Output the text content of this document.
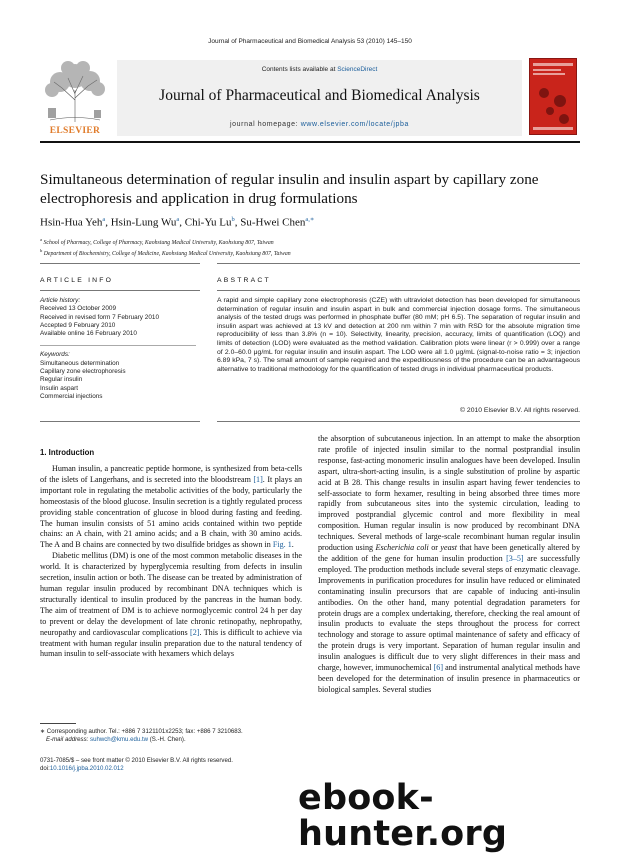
Journal of Pharmaceutical and Biomedical Analysis 53 (2010) 145–150
ELSEVIER
Contents lists available at ScienceDirect
Journal of Pharmaceutical and Biomedical Analysis
journal homepage: www.elsevier.com/locate/jpba
Simultaneous determination of regular insulin and insulin aspart by capillary zone electrophoresis and application in drug formulations
Hsin-Hua Yeh$^a$, Hsin-Lung Wu$^a$, Chi-Yu Lu$^b$, Su-Hwei Chen$^{a,∗}$
$^a$ School of Pharmacy, College of Pharmacy, Kaohsiung Medical University, Kaohsiung 807, Taiwan
$^b$ Department of Biochemistry, College of Medicine, Kaohsiung Medical University, Kaohsiung 807, Taiwan
ARTICLE INFO	ABSTRACT
Article history:
Received 13 October 2009
Received in revised form 7 February 2010
Accepted 9 February 2010
Available online 16 February 2010
Keywords:
Simultaneous determination
Capillary zone electrophoresis
Regular insulin
Insulin aspart
Commercial injections
A rapid and simple capillary zone electrophoresis (CZE) with ultraviolet detection has been developed for simultaneous determination of regular insulin and insulin aspart in bulk and commercial injection dosage forms. The simultaneous analysis of the tested drugs was performed in phosphate buffer (80 mM; pH 6.5). The separation of regular insulin and insulin aspart was achieved at 13 kV and detection at 200 nm within 7 min with RSD for the absolute migration time reproducibility of less than 3.8% (n = 10). Selectivity, linearity, precision, accuracy, limits of quantification (LOQ) and limits of detection (LOD) were evaluated as the method validation. Calibration plots were linear (r > 0.999) over a range of 2.0–60.0 μg/mL for regular insulin and insulin aspart. The LOD were all 1.0 μg/mL (signal-to-noise ratio = 3; injection 6.89 kPa, 7 s). The small amount of sample required and the expeditiousness of the procedure can be an advantageous alternative to traditional methodology for the quantification of tested drugs in individual pharmaceutical products.
© 2010 Elsevier B.V. All rights reserved.
1. Introduction

Human insulin, a pancreatic peptide hormone, is synthesized from beta-cells of the islets of Langerhans, and is secreted into the bloodstream [1]. It plays an important role in regulating the metabolic activities of the body, particularly the homeostasis of the blood glucose. Insulin secretion is a tightly regulated process providing stable concentration of glucose in blood during fasting and feeding. The human insulin consists of 51 amino acids contained within two peptide chains: an A chain, with 21 amino acids; and a B chain, with 30 amino acids. The A and B chains are connected by two disulfide bridges as shown in Fig. 1.

Diabetic mellitus (DM) is one of the most common metabolic diseases in the world. It is characterized by hyperglycemia resulting from defects in insulin secretion, insulin action or both. The disease can be treated by administration of human regular insulin produced by recombinant DNA techniques which is structurally identical to insulin produced by the pancreas in the human body. The aim of treatment of DM is to achieve normoglycemic control 24 h per day to prevent or delay the development of late chronic retinopathy, nephropathy, neuropathy and cardiovascular complications [2]. This is difficult to achieve via treatment with human regular insulin preparation due to the natural tendency of human insulin to self-associate with hexamers which delays

the absorption of subcutaneous injection. In an attempt to make the absorption rate profile of injected insulin similar to the normal postprandial insulin response, fast-acting monomeric insulin analogues have been developed. Insulin aspart, ultra-short-acting insulin, is a single substitution of proline by aspartic acid at B 28. This change results in insulin aspart having fewer tendencies to self-associate to form hexamer, resulting in being absorbed three times more rapidly from subcutaneous sites into the systemic circulation, leading to improved postprandial glycemic control and more flexibility in meal composition. Human regular insulin is now produced by recombinant DNA techniques. Several methods of large-scale recombinant human regular insulin production using Escherichia coli or yeast that have been genetically altered by the addition of the gene for human insulin production [3–5] are successfully employed. The production methods include several steps of enzymatic cleavage. Improvements in purification procedures for insulin have reduced or eliminated contaminating insulin precursors that are capable of inducing anti-insulin antibodies. On the other hand, many potential degradation parameters for protein drugs are a complex undertaking, therefore, checking the real amount of insulin products to evaluate the steps throughout the process for correct technology and storage to assure optimal maintenance of safety and efficacy of the protein drugs is very important. Separation of human regular insulin and insulin analogues is difficult due to very slight differences in their mass and charge, however, immunochemical [6] and instrumental analytical methods have been developed for the determination of insulin presence in pharmaceutics or biological samples. Several studies

∗ Corresponding author. Tel.: +886 7 3121101x2253; fax: +886 7 3210683.
E-mail address: suhwch@kmu.edu.tw (S.-H. Chen).
0731-7085/$ – see front matter © 2010 Elsevier B.V. All rights reserved.
doi:10.1016/j.jpba.2010.02.012
ebook-hunter.org
